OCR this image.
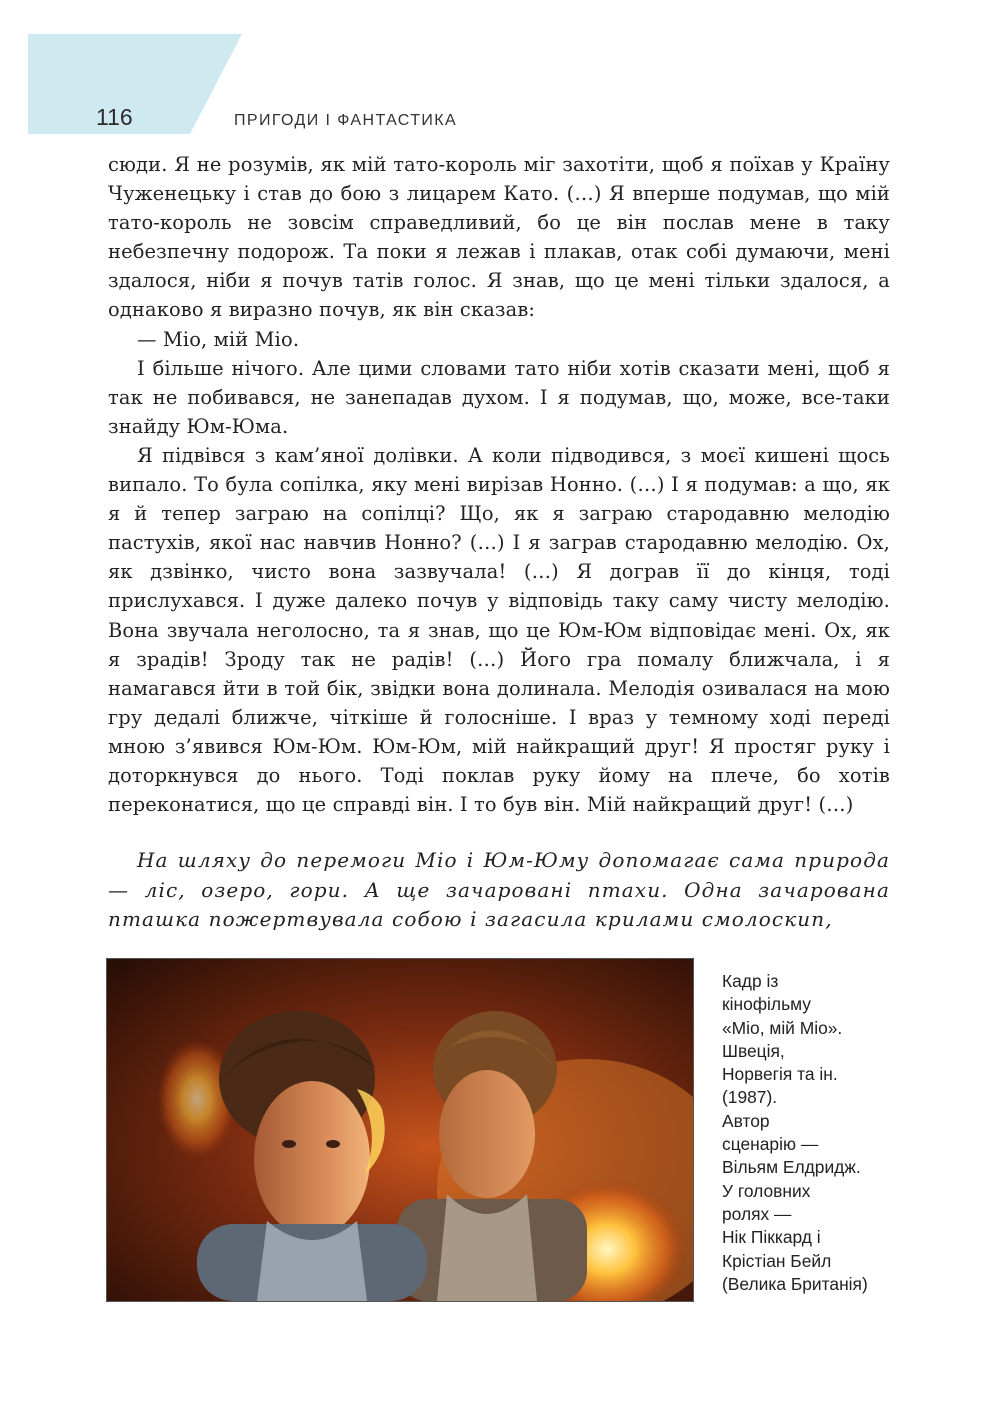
116	ПРИГОДИ І ФАНТАСТИКА

сюди. Я не розумів, як мій тато-король міг захотіти, щоб я поїхав у Країну Чуженецьку і став до бою з лицарем Като. (…) Я вперше подумав, що мій тато-король не зовсім справедливий, бо це він послав мене в таку небезпечну подорож. Та поки я лежав і плакав, отак собі думаючи, мені здалося, ніби я почув татів голос. Я знав, що це мені тільки здалося, а однаково я виразно почув, як він сказав:

— Міо, мій Міо.

І більше нічого. Але цими словами тато ніби хотів сказати мені, щоб я так не побивався, не занепадав духом. І я подумав, що, може, все-таки знайду Юм-Юма.

Я підвівся з кам’яної долівки. А коли підводився, з моєї кишені щось випало. То була сопілка, яку мені вирізав Нонно. (…) І я подумав: а що, як я й тепер заграю на сопілці? Що, як я заграю стародавню мелодію пастухів, якої нас навчив Нонно? (…) І я заграв стародавню мелодію. Ох, як дзвінко, чисто вона зазвучала! (…) Я дограв її до кінця, тоді прислухався. І дуже далеко почув у відповідь таку саму чисту мелодію. Вона звучала неголосно, та я знав, що це Юм-Юм відповідає мені. Ох, як я зрадів! Зроду так не радів! (…) Його гра помалу ближчала, і я намагався йти в той бік, звідки вона долинала. Мелодія озивалася на мою гру дедалі ближче, чіткіше й голосніше. І враз у темному ході переді мною з’явився Юм-Юм. Юм-Юм, мій найкращий друг! Я простяг руку і доторкнувся до нього. Тоді поклав руку йому на плече, бо хотів переконатися, що це справді він. І то був він. Мій найкращий друг! (…)

На шляху до перемоги Міо і Юм-Юму допомагає сама природа — ліс, озеро, гори. А ще зачаровані птахи. Одна зачарована пташка пожертвувала собою і загасила крилами смолоскип,

Кадр із
кінофільму
«Міо, мій Міо».
Швеція,
Норвегія та ін.
(1987).
Автор
сценарію —
Вільям Елдридж.
У головних
ролях —
Нік Піккард і
Крістіан Бейл
(Велика Британія)
